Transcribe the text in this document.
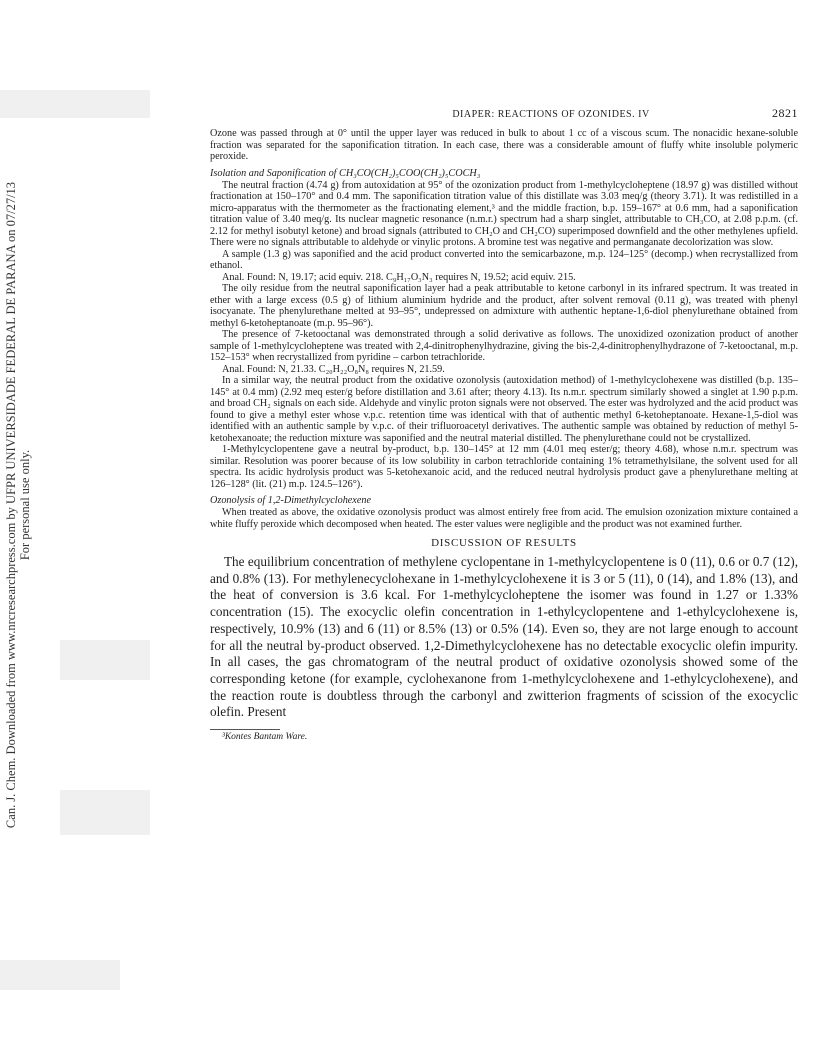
Can. J. Chem. Downloaded from www.nrcresearchpress.com by UFPR UNIVERSIDADE FEDERAL DE PARANA on 07/27/13 For personal use only.
DIAPER: REACTIONS OF OZONIDES. IV	2821

Ozone was passed through at 0° until the upper layer was reduced in bulk to about 1 cc of a viscous scum. The nonacidic hexane-soluble fraction was separated for the saponification titration. In each case, there was a considerable amount of fluffy white insoluble polymeric peroxide.

Isolation and Saponification of CH₃CO(CH₂)₅COO(CH₂)₅COCH₃

The neutral fraction (4.74 g) from autoxidation at 95° of the ozonization product from 1-methylcycloheptene (18.97 g) was distilled without fractionation at 150–170° and 0.4 mm. The saponification titration value of this distillate was 3.03 meq/g (theory 3.71). It was redistilled in a micro-apparatus with the thermometer as the fractionating element,³ and the middle fraction, b.p. 159–167° at 0.6 mm, had a saponification titration value of 3.40 meq/g. Its nuclear magnetic resonance (n.m.r.) spectrum had a sharp singlet, attributable to CH₃CO, at 2.08 p.p.m. (cf. 2.12 for methyl isobutyl ketone) and broad signals (attributed to CH₂O and CH₂CO) superimposed downfield and the other methylenes upfield. There were no signals attributable to aldehyde or vinylic protons. A bromine test was negative and permanganate decolorization was slow.

A sample (1.3 g) was saponified and the acid product converted into the semicarbazone, m.p. 124–125° (decomp.) when recrystallized from ethanol.

Anal. Found: N, 19.17; acid equiv. 218. C₉H₁₇O₃N₃ requires N, 19.52; acid equiv. 215.

The oily residue from the neutral saponification layer had a peak attributable to ketone carbonyl in its infrared spectrum. It was treated in ether with a large excess (0.5 g) of lithium aluminium hydride and the product, after solvent removal (0.11 g), was treated with phenyl isocyanate. The phenylurethane melted at 93–95°, undepressed on admixture with authentic heptane-1,6-diol phenylurethane obtained from methyl 6-ketoheptanoate (m.p. 95–96°).

The presence of 7-ketooctanal was demonstrated through a solid derivative as follows. The unoxidized ozonization product of another sample of 1-methylcycloheptene was treated with 2,4-dinitrophenylhydrazine, giving the bis-2,4-dinitrophenylhydrazone of 7-ketooctanal, m.p. 152–153° when recrystallized from pyridine – carbon tetrachloride.

Anal. Found: N, 21.33. C₂₀H₂₂O₈N₈ requires N, 21.59.

In a similar way, the neutral product from the oxidative ozonolysis (autoxidation method) of 1-methylcyclohexene was distilled (b.p. 135–145° at 0.4 mm) (2.92 meq ester/g before distillation and 3.61 after; theory 4.13). Its n.m.r. spectrum similarly showed a singlet at 1.90 p.p.m. and broad CH₂ signals on each side. Aldehyde and vinylic proton signals were not observed. The ester was hydrolyzed and the acid product was found to give a methyl ester whose v.p.c. retention time was identical with that of authentic methyl 6-ketoheptanoate. Hexane-1,5-diol was identified with an authentic sample by v.p.c. of their trifluoroacetyl derivatives. The authentic sample was obtained by reduction of methyl 5-ketohexanoate; the reduction mixture was saponified and the neutral material distilled. The phenylurethane could not be crystallized.

1-Methylcyclopentene gave a neutral by-product, b.p. 130–145° at 12 mm (4.01 meq ester/g; theory 4.68), whose n.m.r. spectrum was similar. Resolution was poorer because of its low solubility in carbon tetrachloride containing 1% tetramethylsilane, the solvent used for all spectra. Its acidic hydrolysis product was 5-ketohexanoic acid, and the reduced neutral hydrolysis product gave a phenylurethane melting at 126–128° (lit. (21) m.p. 124.5–126°).

Ozonolysis of 1,2-Dimethylcyclohexene

When treated as above, the oxidative ozonolysis product was almost entirely free from acid. The emulsion ozonization mixture contained a white fluffy peroxide which decomposed when heated. The ester values were negligible and the product was not examined further.

DISCUSSION OF RESULTS

The equilibrium concentration of methylene cyclopentane in 1-methylcyclopentene is 0 (11), 0.6 or 0.7 (12), and 0.8% (13). For methylenecyclohexane in 1-methylcyclohexene it is 3 or 5 (11), 0 (14), and 1.8% (13), and the heat of conversion is 3.6 kcal. For 1-methylcycloheptene the isomer was found in 1.27 or 1.33% concentration (15). The exocyclic olefin concentration in 1-ethylcyclopentene and 1-ethylcyclohexene is, respectively, 10.9% (13) and 6 (11) or 8.5% (13) or 0.5% (14). Even so, they are not large enough to account for all the neutral by-product observed. 1,2-Dimethylcyclohexene has no detectable exocyclic olefin impurity. In all cases, the gas chromatogram of the neutral product of oxidative ozonolysis showed some of the corresponding ketone (for example, cyclohexanone from 1-methylcyclohexene and 1-ethylcyclohexene), and the reaction route is doubtless through the carbonyl and zwitterion fragments of scission of the exocyclic olefin. Present

³Kontes Bantam Ware.
